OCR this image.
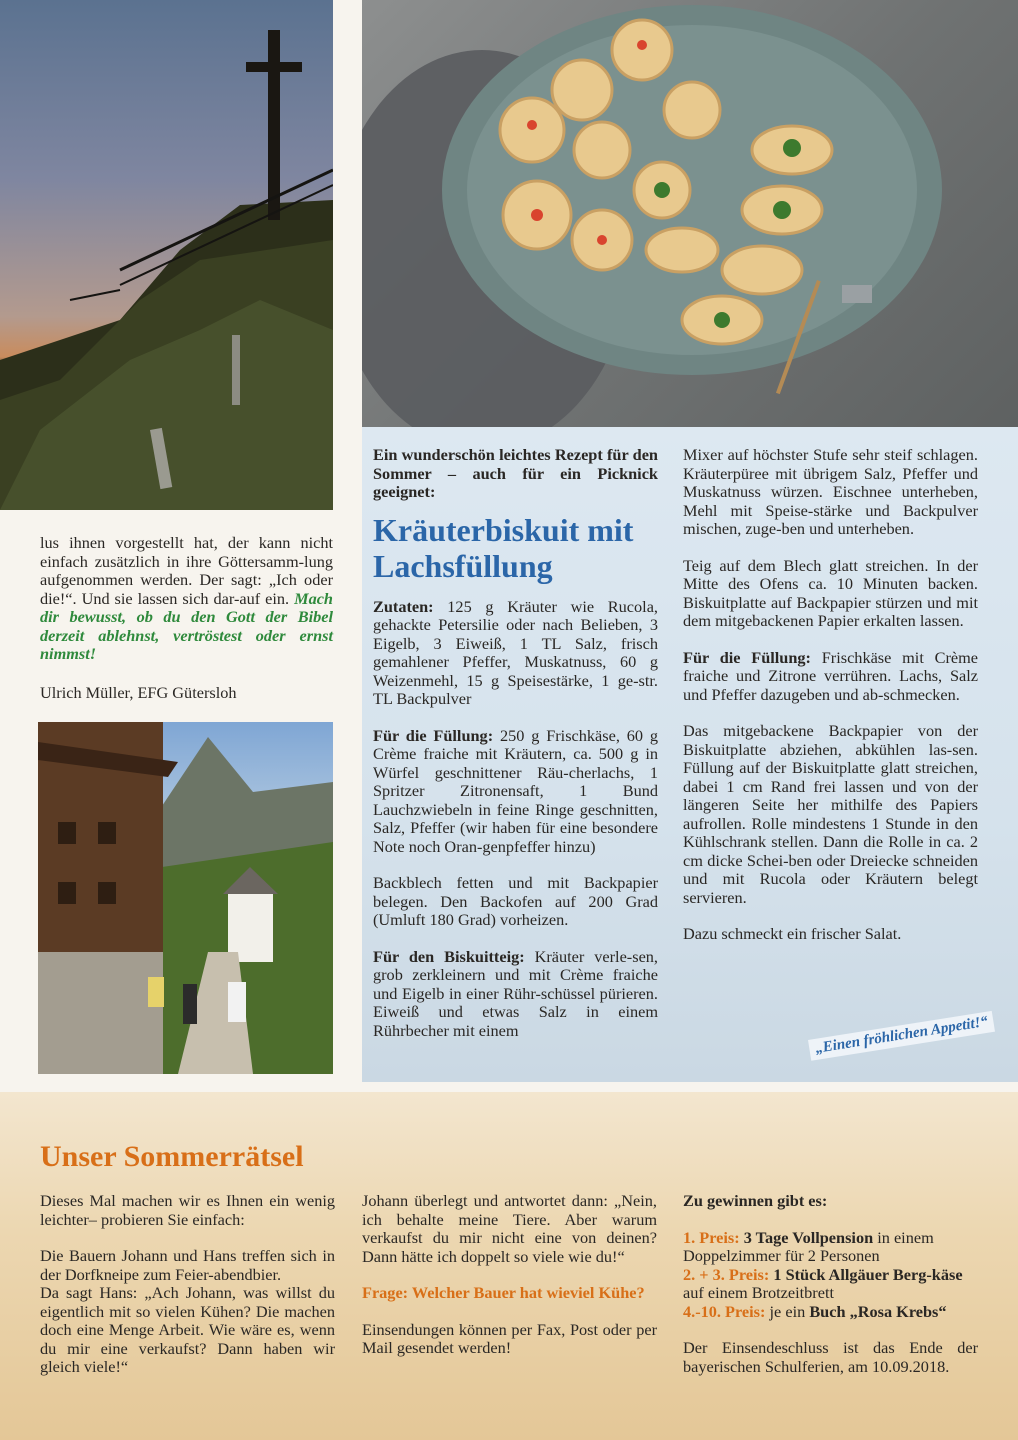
lus ihnen vorgestellt hat, der kann nicht einfach zusätzlich in ihre Göttersamm-lung aufgenommen werden. Der sagt: „Ich oder die!“. Und sie lassen sich dar-auf ein. Mach dir bewusst, ob du den Gott der Bibel derzeit ablehnst, vertröstest oder ernst nimmst!

Ulrich Müller, EFG Gütersloh

Ein wunderschön leichtes Rezept für den Sommer – auch für ein Picknick geeignet:

Kräuterbiskuit mit
Lachsfüllung

Zutaten: 125 g Kräuter wie Rucola, gehackte Petersilie oder nach Belieben, 3 Eigelb, 3 Eiweiß, 1 TL Salz, frisch gemahlener Pfeffer, Muskatnuss, 60 g Weizenmehl, 15 g Speisestärke, 1 ge-str. TL Backpulver

Für die Füllung: 250 g Frischkäse, 60 g Crème fraiche mit Kräutern, ca. 500 g in Würfel geschnittener Räu-cherlachs, 1 Spritzer Zitronensaft, 1 Bund Lauchzwiebeln in feine Ringe geschnitten, Salz, Pfeffer (wir haben für eine besondere Note noch Oran-genpfeffer hinzu)

Backblech fetten und mit Backpapier belegen. Den Backofen auf 200 Grad (Umluft 180 Grad) vorheizen.

Für den Biskuitteig: Kräuter verle-sen, grob zerkleinern und mit Crème fraiche und Eigelb in einer Rühr-schüssel pürieren. Eiweiß und etwas Salz in einem Rührbecher mit einem

Mixer auf höchster Stufe sehr steif schlagen. Kräuterpüree mit übrigem Salz, Pfeffer und Muskatnuss würzen. Eischnee unterheben, Mehl mit Speise-stärke und Backpulver mischen, zuge-ben und unterheben.

Teig auf dem Blech glatt streichen. In der Mitte des Ofens ca. 10 Minuten backen. Biskuitplatte auf Backpapier stürzen und mit dem mitgebackenen Papier erkalten lassen.

Für die Füllung: Frischkäse mit Crème fraiche und Zitrone verrühren. Lachs, Salz und Pfeffer dazugeben und ab-schmecken.

Das mitgebackene Backpapier von der Biskuitplatte abziehen, abkühlen las-sen. Füllung auf der Biskuitplatte glatt streichen, dabei 1 cm Rand frei lassen und von der längeren Seite her mithilfe des Papiers aufrollen. Rolle mindestens 1 Stunde in den Kühlschrank stellen. Dann die Rolle in ca. 2 cm dicke Schei-ben oder Dreiecke schneiden und mit Rucola oder Kräutern belegt servieren.

Dazu schmeckt ein frischer Salat.

„Einen fröhlichen Appetit!“
Unser Sommerrätsel

Dieses Mal machen wir es Ihnen ein wenig leichter– probieren Sie einfach:

Die Bauern Johann und Hans treffen sich in der Dorfkneipe zum Feier-abendbier.

Da sagt Hans: „Ach Johann, was willst du eigentlich mit so vielen Kühen? Die machen doch eine Menge Arbeit. Wie wäre es, wenn du mir eine verkaufst? Dann haben wir gleich viele!“

Johann überlegt und antwortet dann: „Nein, ich behalte meine Tiere. Aber warum verkaufst du mir nicht eine von deinen? Dann hätte ich doppelt so viele wie du!“

Frage: Welcher Bauer hat wieviel Kühe?

Einsendungen können per Fax, Post oder per Mail gesendet werden!

Zu gewinnen gibt es:

1. Preis: 3 Tage Vollpension in einem Doppelzimmer für 2 Personen

2. + 3. Preis: 1 Stück Allgäuer Berg-käse auf einem Brotzeitbrett

4.-10. Preis: je ein Buch „Rosa Krebs“

Der Einsendeschluss ist das Ende der bayerischen Schulferien, am 10.09.2018.
